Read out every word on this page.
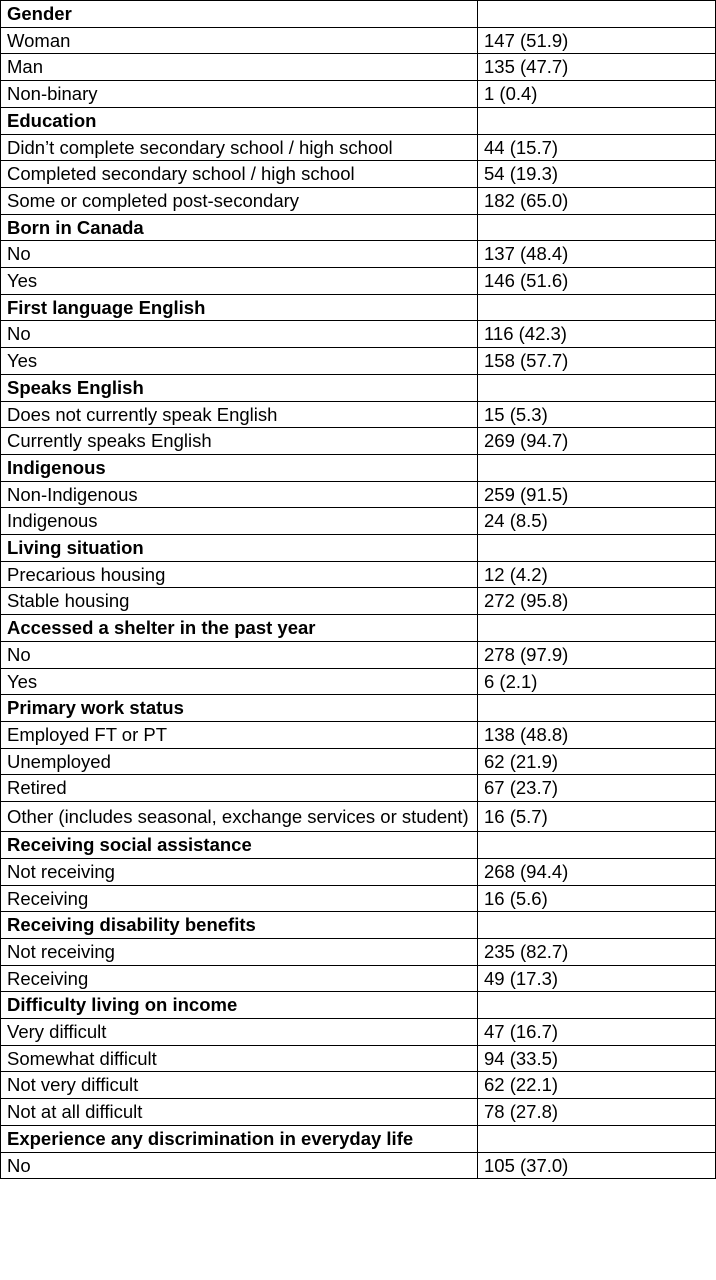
Gender	
Woman	147 (51.9)
Man	135 (47.7)
Non-binary	1 (0.4)
Education	
Didn’t complete secondary school / high school	44 (15.7)
Completed secondary school / high school	54 (19.3)
Some or completed post-secondary	182 (65.0)
Born in Canada	
No	137 (48.4)
Yes	146 (51.6)
First language English	
No	116 (42.3)
Yes	158 (57.7)
Speaks English	
Does not currently speak English	15 (5.3)
Currently speaks English	269 (94.7)
Indigenous	
Non-Indigenous	259 (91.5)
Indigenous	24 (8.5)
Living situation	
Precarious housing	12 (4.2)
Stable housing	272 (95.8)
Accessed a shelter in the past year	
No	278 (97.9)
Yes	6 (2.1)
Primary work status	
Employed FT or PT	138 (48.8)
Unemployed	62 (21.9)
Retired	67 (23.7)
Other (includes seasonal, exchange services or student)	16 (5.7)
Receiving social assistance	
Not receiving	268 (94.4)
Receiving	16 (5.6)
Receiving disability benefits	
Not receiving	235 (82.7)
Receiving	49 (17.3)
Difficulty living on income	
Very difficult	47 (16.7)
Somewhat difficult	94 (33.5)
Not very difficult	62 (22.1)
Not at all difficult	78 (27.8)
Experience any discrimination in everyday life	
No	105 (37.0)
